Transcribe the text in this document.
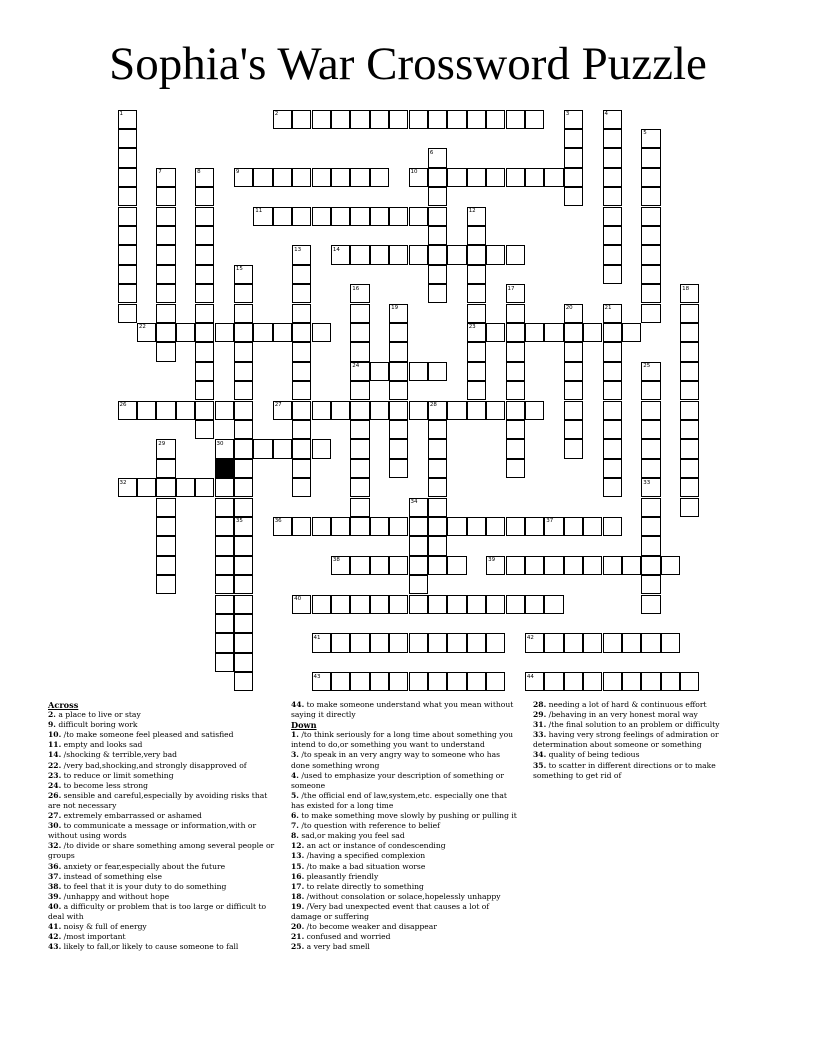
Sophia's War Crossword Puzzle
2
9	10
11
14
22	23
24
26	27	28
30
32
36	37
38	39
40
41	42
43	44
1	3	4
5
6
7	8
12
13
15
35
16	17	18
19	20	21
25
29
33
34
Across
2. a place to live or stay
9. difficult boring work
10. /to make someone feel pleased and satisfied
11. empty and looks sad
14. /shocking & terrible,very bad
22. /very bad,shocking,and strongly disapproved of
23. to reduce or limit something
24. to become less strong
26. sensible and careful,especially by avoiding risks that are not necessary
27. extremely embarrassed or ashamed
30. to communicate a message or information,with or without using words
32. /to divide or share something among several people or groups
36. anxiety or fear,especially about the future
37. instead of something else
38. to feel that it is your duty to do something
39. /unhappy and without hope
40. a difficulty or problem that is too large or difficult to deal with
41. noisy & full of energy
42. /most important
43. likely to fall,or likely to cause someone to fall
44. to make someone understand what you mean without saying it directly
Down
1. /to think seriously for a long time about something you intend to do,or something you want to understand
3. /to speak in an very angry way to someone who has done something wrong
4. /used to emphasize your description of something or someone
5. /the official end of law,system,etc. especially one that has existed for a long time
6. to make something move slowly by pushing or pulling it
7. /to question with reference to belief
8. sad,or making you feel sad
12. an act or instance of condescending
13. /having a specified complexion
15. /to make a bad situation worse
16. pleasantly friendly
17. to relate directly to something
18. /without consolation or solace,hopelessly unhappy
19. /Very bad unexpected event that causes a lot of damage or suffering
20. /to become weaker and disappear
21. confused and worried
25. a very bad smell
28. needing a lot of hard & continuous effort
29. /behaving in an very honest moral way
31. /the final solution to an problem or difficulty
33. having very strong feelings of admiration or determination about someone or something
34. quality of being tedious
35. to scatter in different directions or to make something to get rid of
